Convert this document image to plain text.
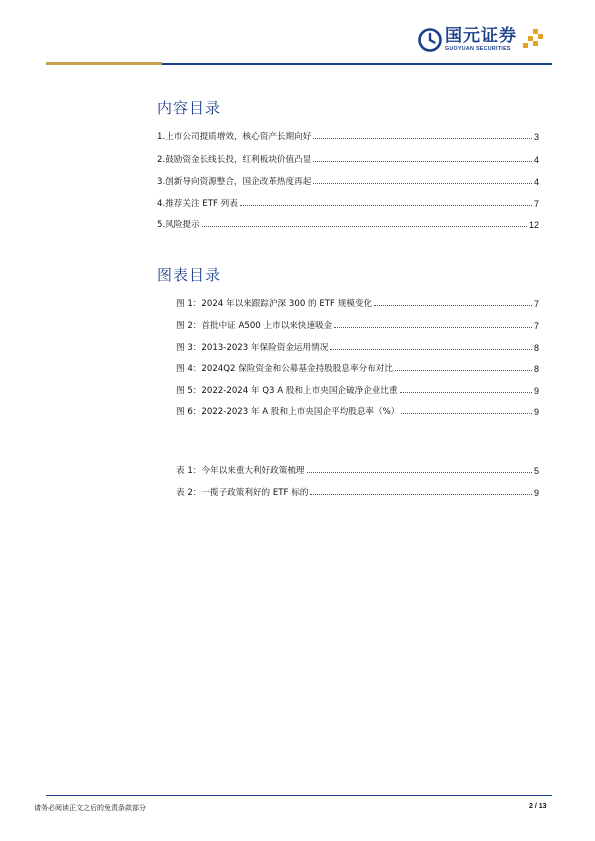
国元证券
GUOYUAN SECURITIES
内容目录
1.上市公司提质增效，核心资产长期向好	3
2.鼓励资金长线长投，红利板块价值凸显	4
3.创新导向资源整合，国企改革热度再起	4
4.推荐关注 ETF 列表	7
5.风险提示	12
图表目录
图 1：2024 年以来跟踪沪深 300 的 ETF 规模变化	7
图 2：首批中证 A500 上市以来快速吸金	7
图 3：2013-2023 年保险资金运用情况	8
图 4：2024Q2 保险资金和公募基金持股股息率分布对比	8
图 5：2022-2024 年 Q3 A 股和上市央国企破净企业比重	9
图 6：2022-2023 年 A 股和上市央国企平均股息率（%）	9
表 1：今年以来重大利好政策梳理	5
表 2：一揽子政策利好的 ETF 标的	9
请务必阅读正文之后的免责条款部分	2 / 13
